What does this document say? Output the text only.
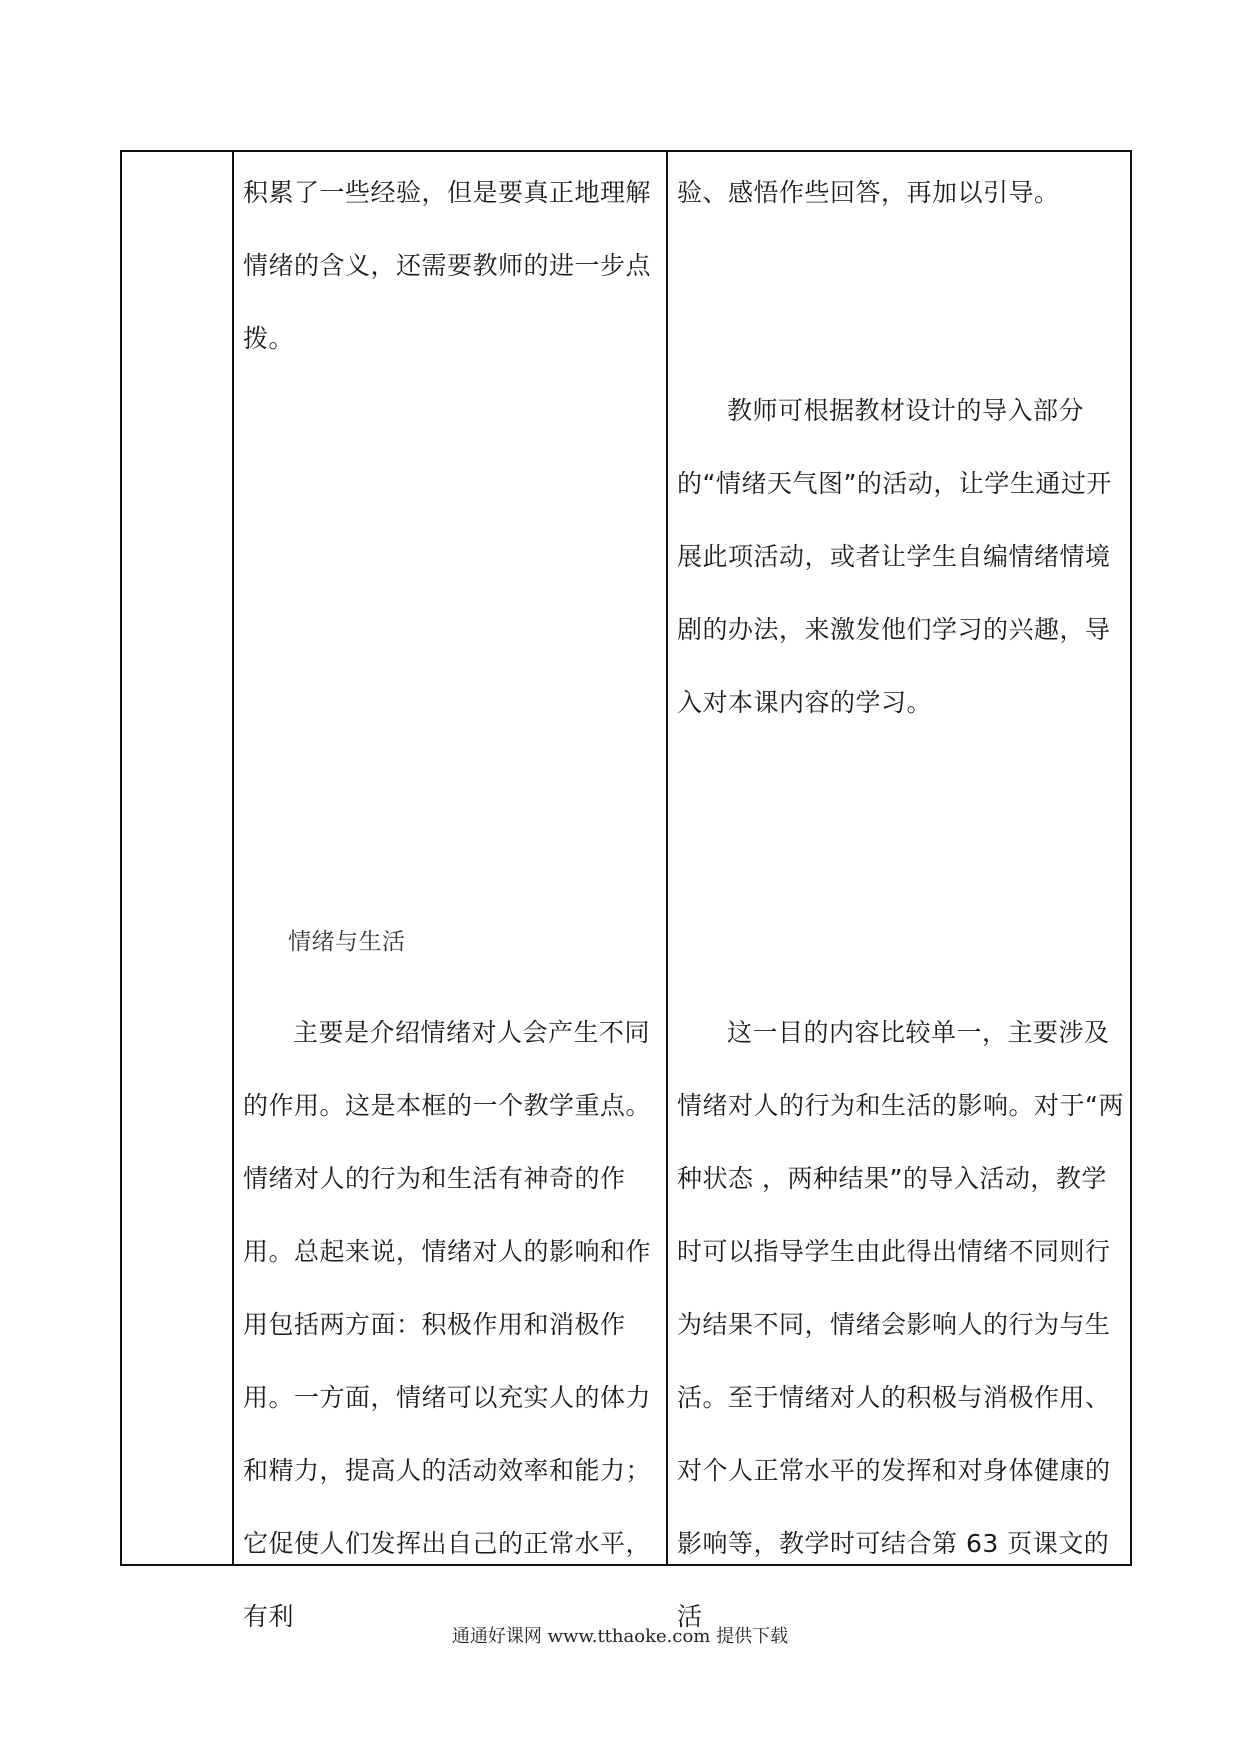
积累了一些经验，但是要真正地理解情绪的含义，还需要教师的进一步点拨。
情绪与生活
主要是介绍情绪对人会产生不同的作用。这是本框的一个教学重点。情绪对人的行为和生活有神奇的作用。总起来说，情绪对人的影响和作用包括两方面：积极作用和消极作用。一方面，情绪可以充实人的体力和精力，提高人的活动效率和能力；它促使人们发挥出自己的正常水平，有利

验、感悟作些回答，再加以引导。
教师可根据教材设计的导入部分的“情绪天气图”的活动，让学生通过开展此项活动，或者让学生自编情绪情境剧的办法，来激发他们学习的兴趣，导入对本课内容的学习。
这一目的内容比较单一，主要涉及情绪对人的行为和生活的影响。对于“两种状态 ，两种结果”的导入活动，教学时可以指导学生由此得出情绪不同则行为结果不同，情绪会影响人的行为与生活。至于情绪对人的积极与消极作用、对个人正常水平的发挥和对身体健康的影响等，教学时可结合第 63 页课文的活
通通好课网 www.tthaoke.com 提供下载
